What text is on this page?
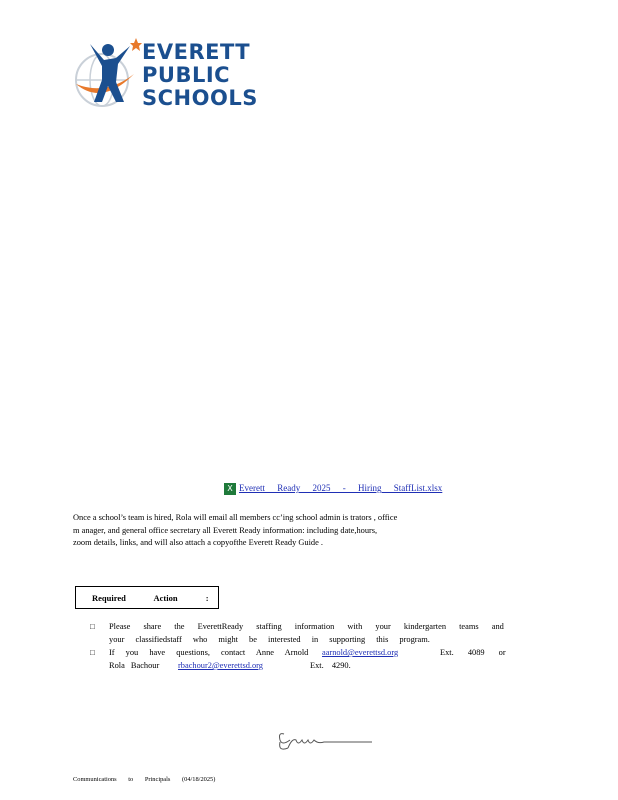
EVERETT
PUBLIC
SCHOOLS
X Everett Ready 2025 - Hiring StaffList.xlsx
Once a school’s team is hired, Rola will email all members cc’ing school admin is trators , office
m anager, and general office secretary all Everett Ready information: including date,hours,
zoom details, links, and will also attach a copyofthe Everett Ready Guide .
Required Action :
□ Please share the EverettReady staffing information with your kindergarten teams and
your classifiedstaff who might be interested in supporting this program.
□ If you have questions, contact Anne Arnold aarnold@everettsd.org	Ext. 4089 or
Rola Bachour rbachour2@everettsd.org	Ext. 4290.
Communications to Principals (04/18/2025)
